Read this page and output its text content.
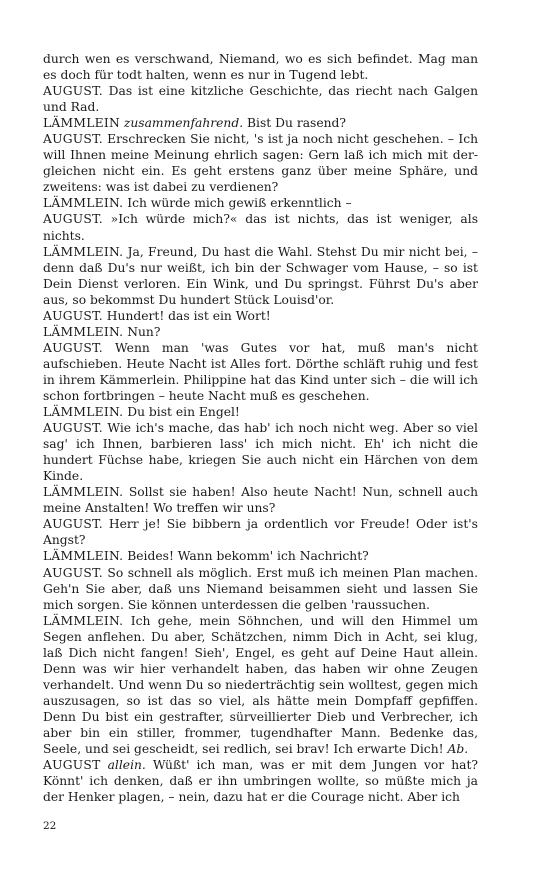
durch wen es verschwand, Niemand, wo es sich befindet. Mag man es doch für todt halten, wenn es nur in Tugend lebt.

AUGUST. Das ist eine kitzliche Geschichte, das riecht nach Galgen und Rad.

LÄMMLEIN zusammenfahrend. Bist Du rasend?

AUGUST. Erschrecken Sie nicht, 's ist ja noch nicht geschehen. – Ich will Ihnen meine Meinung ehrlich sagen: Gern laß ich mich mit dergleichen nicht ein. Es geht erstens ganz über meine Sphäre, und zweitens: was ist dabei zu verdienen?

LÄMMLEIN. Ich würde mich gewiß erkenntlich –

AUGUST. »Ich würde mich?« das ist nichts, das ist weniger, als nichts.

LÄMMLEIN. Ja, Freund, Du hast die Wahl. Stehst Du mir nicht bei, – denn daß Du's nur weißt, ich bin der Schwager vom Hause, – so ist Dein Dienst verloren. Ein Wink, und Du springst. Führst Du's aber aus, so bekommst Du hundert Stück Louisd'or.

AUGUST. Hundert! das ist ein Wort!

LÄMMLEIN. Nun?

AUGUST. Wenn man 'was Gutes vor hat, muß man's nicht aufschieben. Heute Nacht ist Alles fort. Dörthe schläft ruhig und fest in ihrem Kämmerlein. Philippine hat das Kind unter sich – die will ich schon fortbringen – heute Nacht muß es geschehen.

LÄMMLEIN. Du bist ein Engel!

AUGUST. Wie ich's mache, das hab' ich noch nicht weg. Aber so viel sag' ich Ihnen, barbieren lass' ich mich nicht. Eh' ich nicht die hundert Füchse habe, kriegen Sie auch nicht ein Härchen von dem Kinde.

LÄMMLEIN. Sollst sie haben! Also heute Nacht! Nun, schnell auch meine Anstalten! Wo treffen wir uns?

AUGUST. Herr je! Sie bibbern ja ordentlich vor Freude! Oder ist's Angst?

LÄMMLEIN. Beides! Wann bekomm' ich Nachricht?

AUGUST. So schnell als möglich. Erst muß ich meinen Plan machen. Geh'n Sie aber, daß uns Niemand beisammen sieht und lassen Sie mich sorgen. Sie können unterdessen die gelben 'raussuchen.

LÄMMLEIN. Ich gehe, mein Söhnchen, und will den Himmel um Segen anflehen. Du aber, Schätzchen, nimm Dich in Acht, sei klug, laß Dich nicht fangen! Sieh', Engel, es geht auf Deine Haut allein. Denn was wir hier verhandelt haben, das haben wir ohne Zeugen verhandelt. Und wenn Du so niederträchtig sein wolltest, gegen mich auszusagen, so ist das so viel, als hätte mein Dompfaff gepfiffen. Denn Du bist ein gestrafter, sürveillierter Dieb und Verbrecher, ich aber bin ein stiller, frommer, tugendhafter Mann. Bedenke das, Seele, und sei gescheidt, sei redlich, sei brav! Ich erwarte Dich! Ab.

AUGUST allein. Wüßt' ich man, was er mit dem Jungen vor hat? Könnt' ich denken, daß er ihn umbringen wollte, so müßte mich ja der Henker plagen, – nein, dazu hat er die Courage nicht. Aber ich

22
